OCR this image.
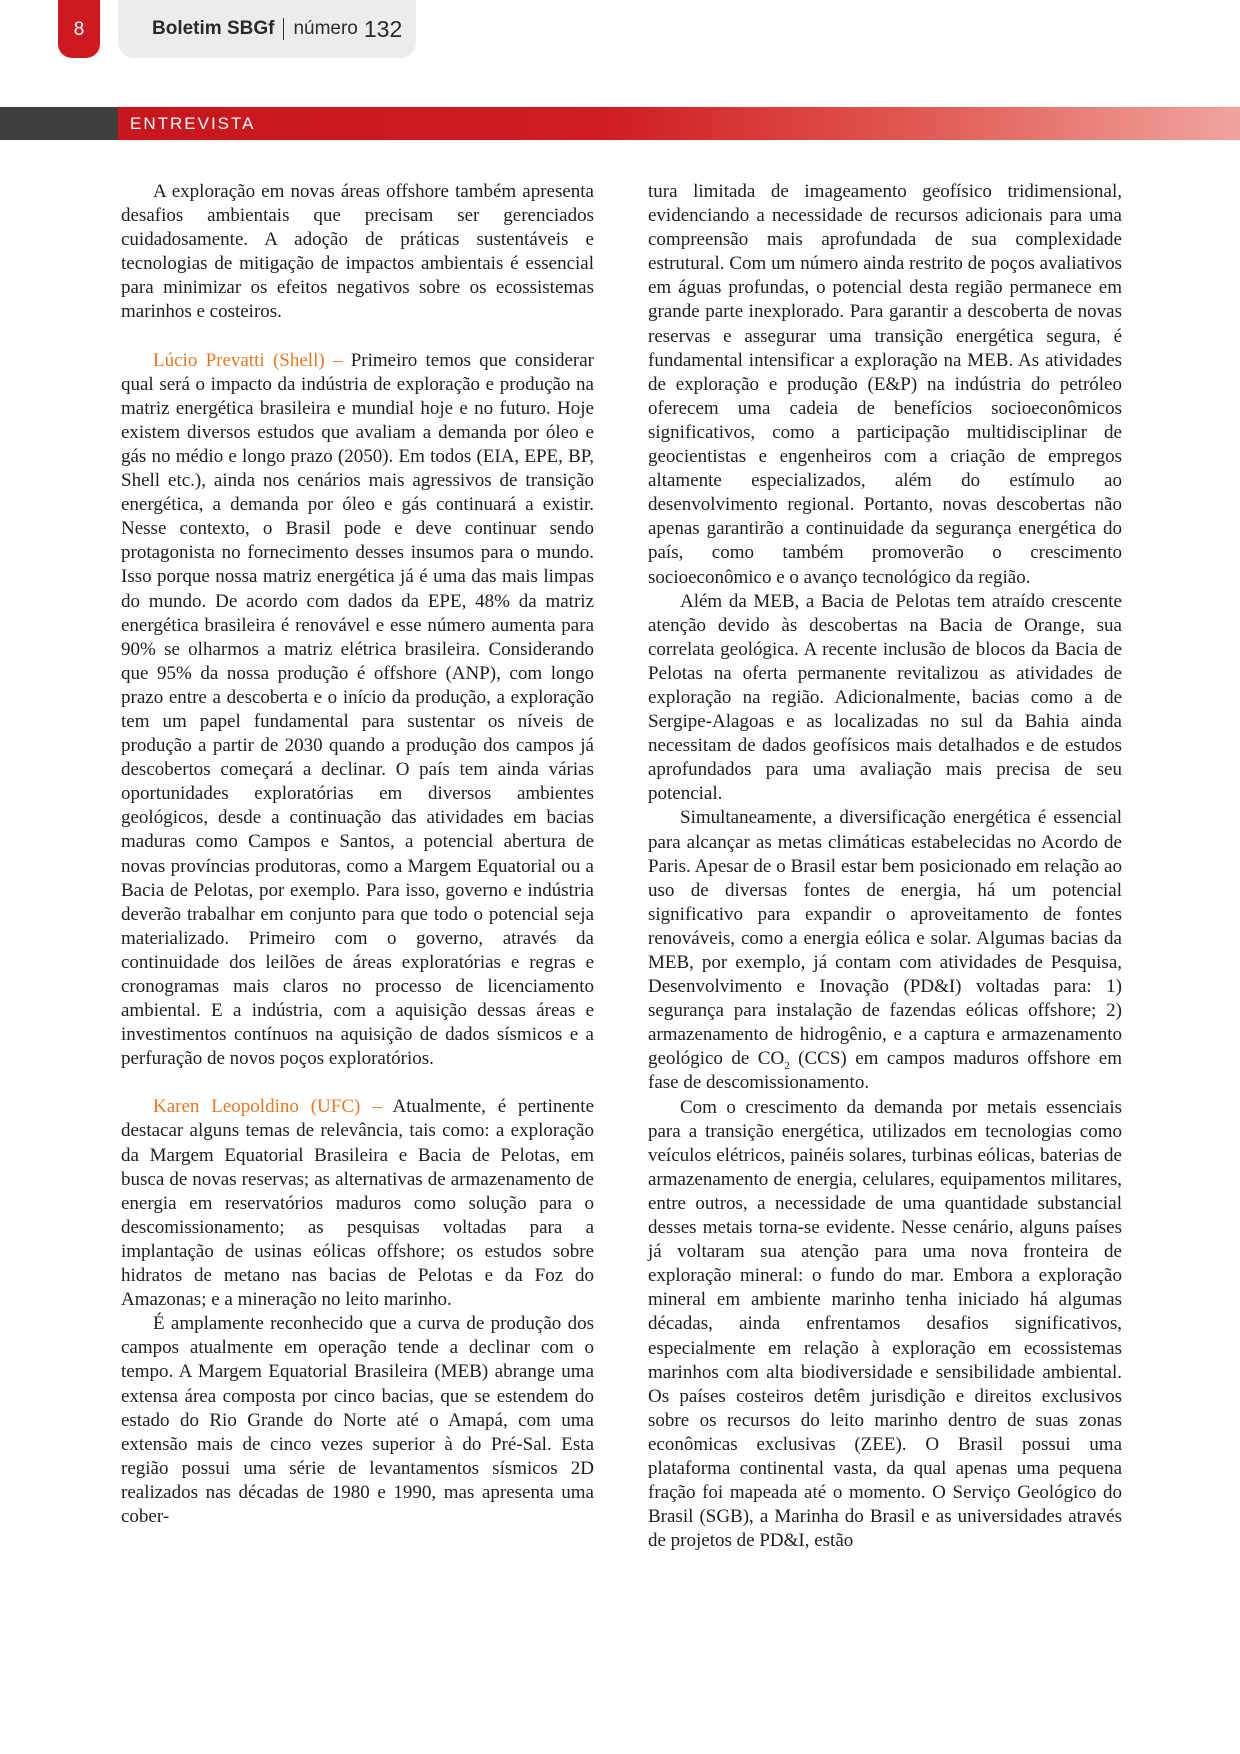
8	Boletim SBGf número 132
ENTREVISTA

A exploração em novas áreas offshore também apresenta desafios ambientais que precisam ser gerenciados cuidadosamente. A adoção de práticas sustentáveis e tecnologias de mitigação de impactos ambientais é essencial para minimizar os efeitos negativos sobre os ecossistemas marinhos e costeiros.

Lúcio Prevatti (Shell) – Primeiro temos que considerar qual será o impacto da indústria de exploração e produção na matriz energética brasileira e mundial hoje e no futuro. Hoje existem diversos estudos que avaliam a demanda por óleo e gás no médio e longo prazo (2050). Em todos (EIA, EPE, BP, Shell etc.), ainda nos cenários mais agressivos de transição energética, a demanda por óleo e gás continuará a existir. Nesse contexto, o Brasil pode e deve continuar sendo protagonista no fornecimento desses insumos para o mundo. Isso porque nossa matriz energética já é uma das mais limpas do mundo. De acordo com dados da EPE, 48% da matriz energética brasileira é renovável e esse número aumenta para 90% se olharmos a matriz elétrica brasileira. Considerando que 95% da nossa produção é offshore (ANP), com longo prazo entre a descoberta e o início da produção, a exploração tem um papel fundamental para sustentar os níveis de produção a partir de 2030 quando a produção dos campos já descobertos começará a declinar. O país tem ainda várias oportunidades exploratórias em diversos ambientes geológicos, desde a continuação das atividades em bacias maduras como Campos e Santos, a potencial abertura de novas províncias produtoras, como a Margem Equatorial ou a Bacia de Pelotas, por exemplo. Para isso, governo e indústria deverão trabalhar em conjunto para que todo o potencial seja materializado. Primeiro com o governo, através da continuidade dos leilões de áreas exploratórias e regras e cronogramas mais claros no processo de licenciamento ambiental. E a indústria, com a aquisição dessas áreas e investimentos contínuos na aquisição de dados sísmicos e a perfuração de novos poços exploratórios.

Karen Leopoldino (UFC) – Atualmente, é pertinente destacar alguns temas de relevância, tais como: a exploração da Margem Equatorial Brasileira e Bacia de Pelotas, em busca de novas reservas; as alternativas de armazenamento de energia em reservatórios maduros como solução para o descomissionamento; as pesquisas voltadas para a implantação de usinas eólicas offshore; os estudos sobre hidratos de metano nas bacias de Pelotas e da Foz do Amazonas; e a mineração no leito marinho.

É amplamente reconhecido que a curva de produção dos campos atualmente em operação tende a declinar com o tempo. A Margem Equatorial Brasileira (MEB) abrange uma extensa área composta por cinco bacias, que se estendem do estado do Rio Grande do Norte até o Amapá, com uma extensão mais de cinco vezes superior à do Pré-Sal. Esta região possui uma série de levantamentos sísmicos 2D realizados nas décadas de 1980 e 1990, mas apresenta uma cober-

tura limitada de imageamento geofísico tridimensional, evidenciando a necessidade de recursos adicionais para uma compreensão mais aprofundada de sua complexidade estrutural. Com um número ainda restrito de poços avaliativos em águas profundas, o potencial desta região permanece em grande parte inexplorado. Para garantir a descoberta de novas reservas e assegurar uma transição energética segura, é fundamental intensificar a exploração na MEB. As atividades de exploração e produção (E&P) na indústria do petróleo oferecem uma cadeia de benefícios socioeconômicos significativos, como a participação multidisciplinar de geocientistas e engenheiros com a criação de empregos altamente especializados, além do estímulo ao desenvolvimento regional. Portanto, novas descobertas não apenas garantirão a continuidade da segurança energética do país, como também promoverão o crescimento socioeconômico e o avanço tecnológico da região.

Além da MEB, a Bacia de Pelotas tem atraído crescente atenção devido às descobertas na Bacia de Orange, sua correlata geológica. A recente inclusão de blocos da Bacia de Pelotas na oferta permanente revitalizou as atividades de exploração na região. Adicionalmente, bacias como a de Sergipe-Alagoas e as localizadas no sul da Bahia ainda necessitam de dados geofísicos mais detalhados e de estudos aprofundados para uma avaliação mais precisa de seu potencial.

Simultaneamente, a diversificação energética é essencial para alcançar as metas climáticas estabelecidas no Acordo de Paris. Apesar de o Brasil estar bem posicionado em relação ao uso de diversas fontes de energia, há um potencial significativo para expandir o aproveitamento de fontes renováveis, como a energia eólica e solar. Algumas bacias da MEB, por exemplo, já contam com atividades de Pesquisa, Desenvolvimento e Inovação (PD&I) voltadas para: 1) segurança para instalação de fazendas eólicas offshore; 2) armazenamento de hidrogênio, e a captura e armazenamento geológico de $CO_2$ (CCS) em campos maduros offshore em fase de descomissionamento.

Com o crescimento da demanda por metais essenciais para a transição energética, utilizados em tecnologias como veículos elétricos, painéis solares, turbinas eólicas, baterias de armazenamento de energia, celulares, equipamentos militares, entre outros, a necessidade de uma quantidade substancial desses metais torna-se evidente. Nesse cenário, alguns países já voltaram sua atenção para uma nova fronteira de exploração mineral: o fundo do mar. Embora a exploração mineral em ambiente marinho tenha iniciado há algumas décadas, ainda enfrentamos desafios significativos, especialmente em relação à exploração em ecossistemas marinhos com alta biodiversidade e sensibilidade ambiental. Os países costeiros detêm jurisdição e direitos exclusivos sobre os recursos do leito marinho dentro de suas zonas econômicas exclusivas (ZEE). O Brasil possui uma plataforma continental vasta, da qual apenas uma pequena fração foi mapeada até o momento. O Serviço Geológico do Brasil (SGB), a Marinha do Brasil e as universidades através de projetos de PD&I, estão
